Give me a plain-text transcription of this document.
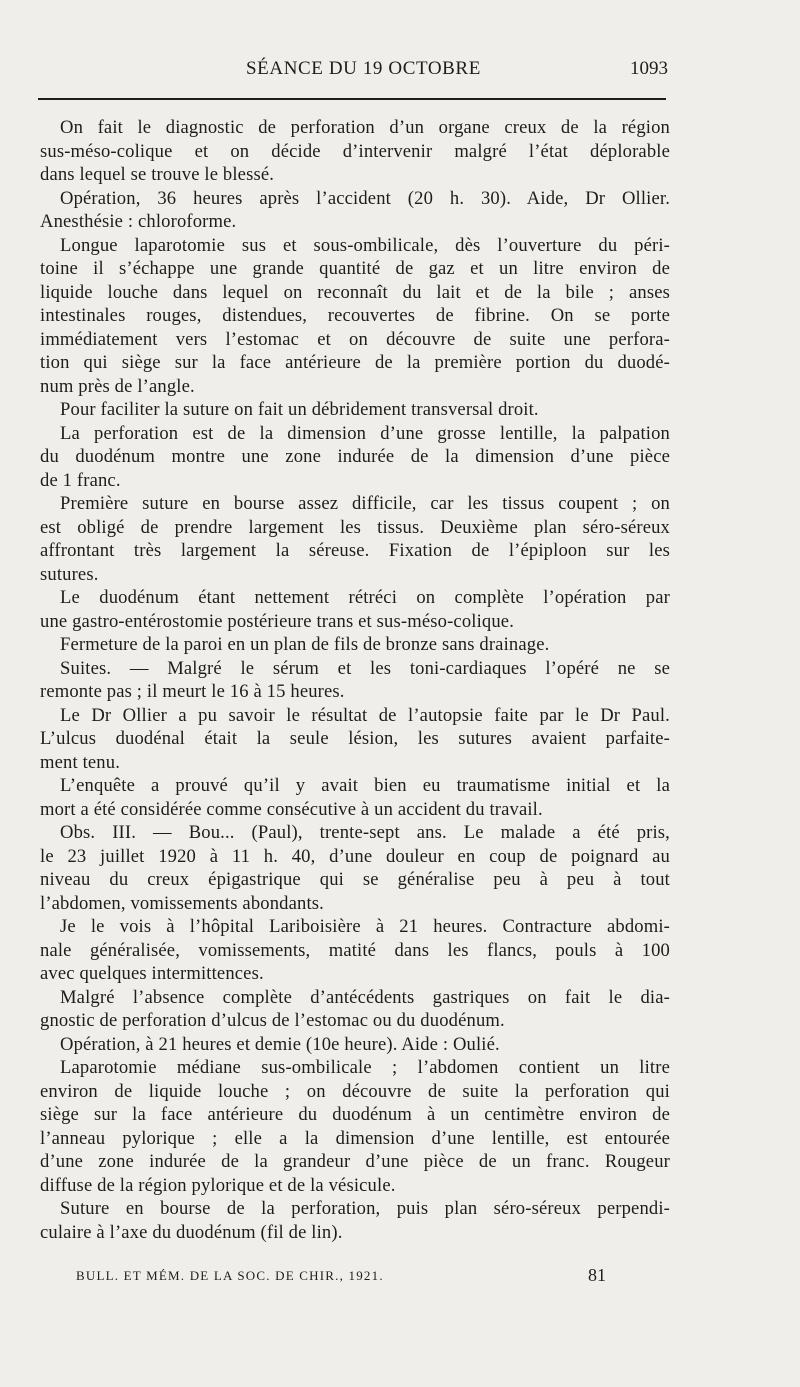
SÉANCE DU 19 OCTOBRE	1093
On fait le diagnostic de perforation d’un organe creux de la région
sus-méso-colique et on décide d’intervenir malgré l’état déplorable
dans lequel se trouve le blessé.
Opération, 36 heures après l’accident (20 h. 30). Aide, Dr Ollier.
Anesthésie : chloroforme.
Longue laparotomie sus et sous-ombilicale, dès l’ouverture du péri-
toine il s’échappe une grande quantité de gaz et un litre environ de
liquide louche dans lequel on reconnaît du lait et de la bile ; anses
intestinales rouges, distendues, recouvertes de fibrine. On se porte
immédiatement vers l’estomac et on découvre de suite une perfora-
tion qui siège sur la face antérieure de la première portion du duodé-
num près de l’angle.
Pour faciliter la suture on fait un débridement transversal droit.
La perforation est de la dimension d’une grosse lentille, la palpation
du duodénum montre une zone indurée de la dimension d’une pièce
de 1 franc.
Première suture en bourse assez difficile, car les tissus coupent ; on
est obligé de prendre largement les tissus. Deuxième plan séro-séreux
affrontant très largement la séreuse. Fixation de l’épiploon sur les
sutures.
Le duodénum étant nettement rétréci on complète l’opération par
une gastro-entérostomie postérieure trans et sus-méso-colique.
Fermeture de la paroi en un plan de fils de bronze sans drainage.
Suites. — Malgré le sérum et les toni-cardiaques l’opéré ne se
remonte pas ; il meurt le 16 à 15 heures.
Le Dr Ollier a pu savoir le résultat de l’autopsie faite par le Dr Paul.
L’ulcus duodénal était la seule lésion, les sutures avaient parfaite-
ment tenu.
L’enquête a prouvé qu’il y avait bien eu traumatisme initial et la
mort a été considérée comme consécutive à un accident du travail.
Obs. III. — Bou... (Paul), trente-sept ans. Le malade a été pris,
le 23 juillet 1920 à 11 h. 40, d’une douleur en coup de poignard au
niveau du creux épigastrique qui se généralise peu à peu à tout
l’abdomen, vomissements abondants.
Je le vois à l’hôpital Lariboisière à 21 heures. Contracture abdomi-
nale généralisée, vomissements, matité dans les flancs, pouls à 100
avec quelques intermittences.
Malgré l’absence complète d’antécédents gastriques on fait le dia-
gnostic de perforation d’ulcus de l’estomac ou du duodénum.
Opération, à 21 heures et demie (10e heure). Aide : Oulié.
Laparotomie médiane sus-ombilicale ; l’abdomen contient un litre
environ de liquide louche ; on découvre de suite la perforation qui
siège sur la face antérieure du duodénum à un centimètre environ de
l’anneau pylorique ; elle a la dimension d’une lentille, est entourée
d’une zone indurée de la grandeur d’une pièce de un franc. Rougeur
diffuse de la région pylorique et de la vésicule.
Suture en bourse de la perforation, puis plan séro-séreux perpendi-
culaire à l’axe du duodénum (fil de lin).
BULL. ET MÉM. DE LA SOC. DE CHIR., 1921.	81
